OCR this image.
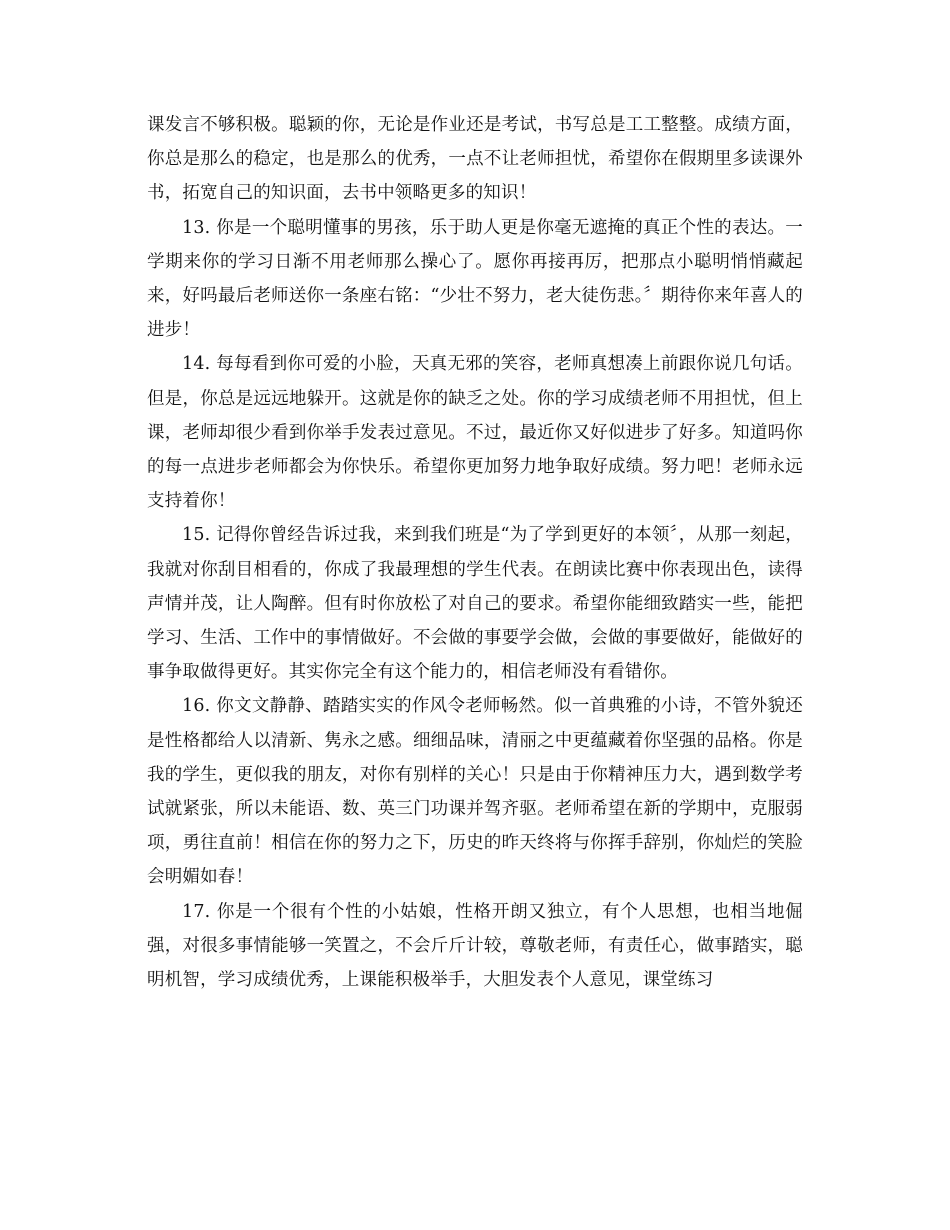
课发言不够积极。聪颖的你，无论是作业还是考试，书写总是工工整整。成绩方面，你总是那么的稳定，也是那么的优秀，一点不让老师担忧，希望你在假期里多读课外书，拓宽自己的知识面，去书中领略更多的知识！

13. 你是一个聪明懂事的男孩，乐于助人更是你毫无遮掩的真正个性的表达。一学期来你的学习日渐不用老师那么操心了。愿你再接再厉，把那点小聪明悄悄藏起来，好吗最后老师送你一条座右铭：“少壮不努力，老大徒伤悲。〞期待你来年喜人的进步！

14. 每每看到你可爱的小脸，天真无邪的笑容，老师真想凑上前跟你说几句话。但是，你总是远远地躲开。这就是你的缺乏之处。你的学习成绩老师不用担忧，但上课，老师却很少看到你举手发表过意见。不过，最近你又好似进步了好多。知道吗你的每一点进步老师都会为你快乐。希望你更加努力地争取好成绩。努力吧！老师永远支持着你！

15. 记得你曾经告诉过我，来到我们班是“为了学到更好的本领〞，从那一刻起，我就对你刮目相看的，你成了我最理想的学生代表。在朗读比赛中你表现出色，读得声情并茂，让人陶醉。但有时你放松了对自己的要求。希望你能细致踏实一些，能把学习、生活、工作中的事情做好。不会做的事要学会做，会做的事要做好，能做好的事争取做得更好。其实你完全有这个能力的，相信老师没有看错你。

16. 你文文静静、踏踏实实的作风令老师畅然。似一首典雅的小诗，不管外貌还是性格都给人以清新、隽永之感。细细品味，清丽之中更蕴藏着你坚强的品格。你是我的学生，更似我的朋友，对你有别样的关心！只是由于你精神压力大，遇到数学考试就紧张，所以未能语、数、英三门功课并驾齐驱。老师希望在新的学期中，克服弱项，勇往直前！相信在你的努力之下，历史的昨天终将与你挥手辞别，你灿烂的笑脸会明媚如春！

17. 你是一个很有个性的小姑娘，性格开朗又独立，有个人思想，也相当地倔强，对很多事情能够一笑置之，不会斤斤计较，尊敬老师，有责任心，做事踏实，聪明机智，学习成绩优秀，上课能积极举手，大胆发表个人意见，课堂练习
